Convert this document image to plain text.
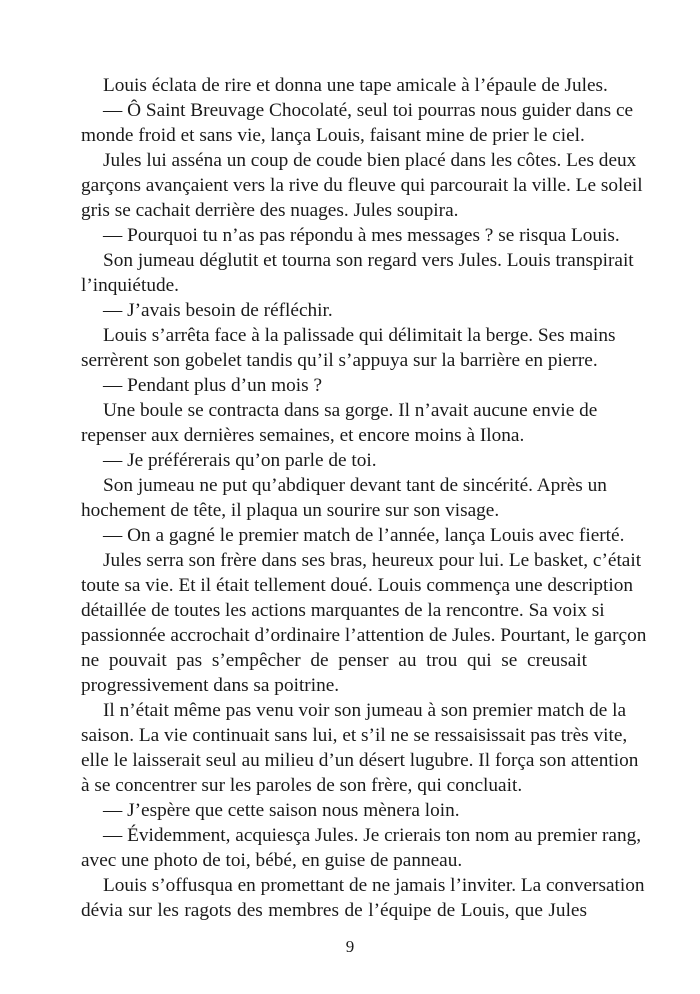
Louis éclata de rire et donna une tape amicale à l’épaule de Jules.
— Ô Saint Breuvage Chocolaté, seul toi pourras nous guider dans ce
monde froid et sans vie, lança Louis, faisant mine de prier le ciel.
Jules lui asséna un coup de coude bien placé dans les côtes. Les deux
garçons avançaient vers la rive du fleuve qui parcourait la ville. Le soleil
gris se cachait derrière des nuages. Jules soupira.
— Pourquoi tu n’as pas répondu à mes messages ? se risqua Louis.
Son jumeau déglutit et tourna son regard vers Jules. Louis transpirait
l’inquiétude.
— J’avais besoin de réfléchir.
Louis s’arrêta face à la palissade qui délimitait la berge. Ses mains
serrèrent son gobelet tandis qu’il s’appuya sur la barrière en pierre.
— Pendant plus d’un mois ?
Une boule se contracta dans sa gorge. Il n’avait aucune envie de
repenser aux dernières semaines, et encore moins à Ilona.
— Je préférerais qu’on parle de toi.
Son jumeau ne put qu’abdiquer devant tant de sincérité. Après un
hochement de tête, il plaqua un sourire sur son visage.
— On a gagné le premier match de l’année, lança Louis avec fierté.
Jules serra son frère dans ses bras, heureux pour lui. Le basket, c’était
toute sa vie. Et il était tellement doué. Louis commença une description
détaillée de toutes les actions marquantes de la rencontre. Sa voix si
passionnée accrochait d’ordinaire l’attention de Jules. Pourtant, le garçon
ne pouvait pas s’empêcher de penser au trou qui se creusait
progressivement dans sa poitrine.
Il n’était même pas venu voir son jumeau à son premier match de la
saison. La vie continuait sans lui, et s’il ne se ressaisissait pas très vite,
elle le laisserait seul au milieu d’un désert lugubre. Il força son attention
à se concentrer sur les paroles de son frère, qui concluait.
— J’espère que cette saison nous mènera loin.
— Évidemment, acquiesça Jules. Je crierais ton nom au premier rang,
avec une photo de toi, bébé, en guise de panneau.
Louis s’offusqua en promettant de ne jamais l’inviter. La conversation
dévia sur les ragots des membres de l’équipe de Louis, que Jules
9
